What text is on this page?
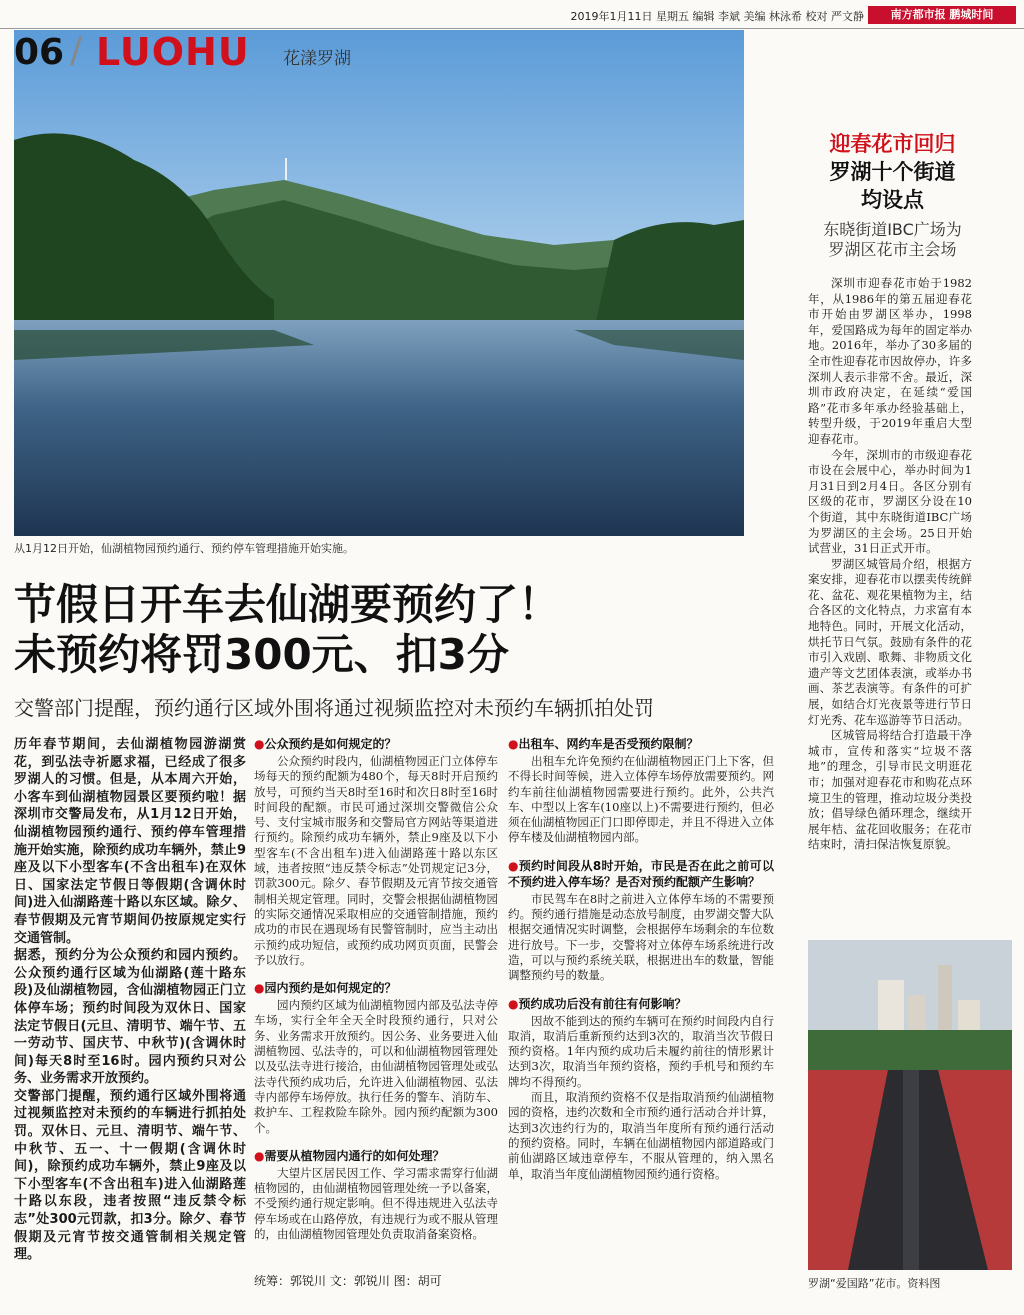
2019年1月11日 星期五 编辑 李斌 美编 林泳希 校对 严文静	南方都市报 鹏城时间
06 / LUOHU 花漾罗湖
从1月12日开始，仙湖植物园预约通行、预约停车管理措施开始实施。
节假日开车去仙湖要预约了！
未预约将罚300元、扣3分
交警部门提醒，预约通行区域外围将通过视频监控对未预约车辆抓拍处罚

历年春节期间，去仙湖植物园游湖赏花，到弘法寺祈愿求福，已经成了很多罗湖人的习惯。但是，从本周六开始，小客车到仙湖植物园景区要预约啦！据深圳市交警局发布，从1月12日开始，仙湖植物园预约通行、预约停车管理措施开始实施，除预约成功车辆外，禁止9座及以下小型客车(不含出租车)在双休日、国家法定节假日等假期(含调休时间)进入仙湖路莲十路以东区域。除夕、春节假期及元宵节期间仍按原规定实行交通管制。

据悉，预约分为公众预约和园内预约。公众预约通行区域为仙湖路(莲十路东段)及仙湖植物园，含仙湖植物园正门立体停车场；预约时间段为双休日、国家法定节假日(元旦、清明节、端午节、五一劳动节、国庆节、中秋节)(含调休时间)每天8时至16时。园内预约只对公务、业务需求开放预约。

交警部门提醒，预约通行区域外围将通过视频监控对未预约的车辆进行抓拍处罚。双休日、元旦、清明节、端午节、中秋节、五一、十一假期(含调休时间)，除预约成功车辆外，禁止9座及以下小型客车(不含出租车)进入仙湖路莲十路以东段，违者按照“违反禁令标志”处300元罚款，扣3分。除夕、春节假期及元宵节按交通管制相关规定管理。

●公众预约是如何规定的？

公众预约时段内，仙湖植物园正门立体停车场每天的预约配额为480个，每天8时开启预约放号，可预约当天8时至16时和次日8时至16时时间段的配额。市民可通过深圳交警微信公众号、支付宝城市服务和交警局官方网站等渠道进行预约。除预约成功车辆外，禁止9座及以下小型客车(不含出租车)进入仙湖路莲十路以东区域，违者按照“违反禁令标志”处罚规定记3分，罚款300元。除夕、春节假期及元宵节按交通管制相关规定管理。同时，交警会根据仙湖植物园的实际交通情况采取相应的交通管制措施，预约成功的市民在遇现场有民警管制时，应当主动出示预约成功短信，或预约成功网页页面，民警会予以放行。

●园内预约是如何规定的？

园内预约区域为仙湖植物园内部及弘法寺停车场，实行全年全天全时段预约通行，只对公务、业务需求开放预约。因公务、业务要进入仙湖植物园、弘法寺的，可以和仙湖植物园管理处以及弘法寺进行接洽，由仙湖植物园管理处或弘法寺代预约成功后，允许进入仙湖植物园、弘法寺内部停车场停放。执行任务的警车、消防车、救护车、工程救险车除外。园内预约配额为300个。

●需要从植物园内通行的如何处理？

大望片区居民因工作、学习需求需穿行仙湖植物园的，由仙湖植物园管理处统一予以备案，不受预约通行规定影响。但不得违规进入弘法寺停车场或在山路停放，有违规行为或不服从管理的，由仙湖植物园管理处负责取消备案资格。

统筹：郭锐川 文：郭锐川 图：胡可
●出租车、网约车是否受预约限制？

出租车允许免预约在仙湖植物园正门上下客，但不得长时间等候，进入立体停车场停放需要预约。网约车前往仙湖植物园需要进行预约。此外，公共汽车、中型以上客车(10座以上)不需要进行预约，但必须在仙湖植物园正门口即停即走，并且不得进入立体停车楼及仙湖植物园内部。

●预约时间段从8时开始，市民是否在此之前可以不预约进入停车场？是否对预约配额产生影响？

市民驾车在8时之前进入立体停车场的不需要预约。预约通行措施是动态放号制度，由罗湖交警大队根据交通情况实时调整，会根据停车场剩余的车位数进行放号。下一步，交警将对立体停车场系统进行改造，可以与预约系统关联，根据进出车的数量，智能调整预约号的数量。

●预约成功后没有前往有何影响？

因故不能到达的预约车辆可在预约时间段内自行取消，取消后重新预约达到3次的，取消当次节假日预约资格。1年内预约成功后未履约前往的情形累计达到3次，取消当年预约资格，预约手机号和预约车牌均不得预约。

而且，取消预约资格不仅是指取消预约仙湖植物园的资格，违约次数和全市预约通行活动合并计算，达到3次违约行为的，取消当年度所有预约通行活动的预约资格。同时，车辆在仙湖植物园内部道路或门前仙湖路区域违章停车，不服从管理的，纳入黑名单，取消当年度仙湖植物园预约通行资格。

迎春花市回归
罗湖十个街道
均设点
东晓街道IBC广场为
罗湖区花市主会场

深圳市迎春花市始于1982年，从1986年的第五届迎春花市开始由罗湖区举办，1998年，爱国路成为每年的固定举办地。2016年，举办了30多届的全市性迎春花市因故停办，许多深圳人表示非常不舍。最近，深圳市政府决定，在延续“爱国路”花市多年承办经验基础上，转型升级，于2019年重启大型迎春花市。

今年，深圳市的市级迎春花市设在会展中心，举办时间为1月31日到2月4日。各区分别有区级的花市，罗湖区分设在10个街道，其中东晓街道IBC广场为罗湖区的主会场。25日开始试营业，31日正式开市。

罗湖区城管局介绍，根据方案安排，迎春花市以摆卖传统鲜花、盆花、观花果植物为主，结合各区的文化特点，力求富有本地特色。同时，开展文化活动，烘托节日气氛。鼓励有条件的花市引入戏剧、歌舞、非物质文化遗产等文艺团体表演，或举办书画、茶艺表演等。有条件的可扩展，如结合灯光夜景等进行节日灯光秀、花车巡游等节日活动。

区城管局将结合打造最干净城市，宣传和落实“垃圾不落地”的理念，引导市民文明逛花市；加强对迎春花市和购花点环境卫生的管理，推动垃圾分类投放；倡导绿色循环理念，继续开展年桔、盆花回收服务；在花市结束时，清扫保洁恢复原貌。

罗湖“爱国路”花市。资料图
